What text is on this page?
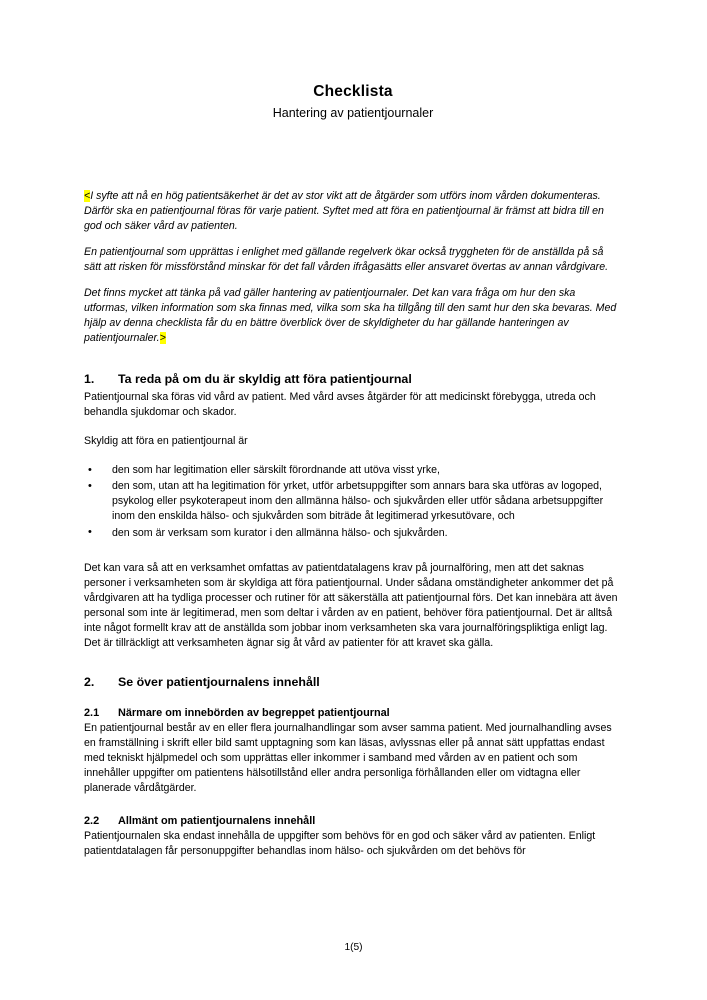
Checklista
Hantering av patientjournaler

<I syfte att nå en hög patientsäkerhet är det av stor vikt att de åtgärder som utförs inom vården dokumenteras. Därför ska en patientjournal föras för varje patient. Syftet med att föra en patientjournal är främst att bidra till en god och säker vård av patienten.

En patientjournal som upprättas i enlighet med gällande regelverk ökar också tryggheten för de anställda på så sätt att risken för missförstånd minskar för det fall vården ifrågasätts eller ansvaret övertas av annan vårdgivare.

Det finns mycket att tänka på vad gäller hantering av patientjournaler. Det kan vara fråga om hur den ska utformas, vilken information som ska finnas med, vilka som ska ha tillgång till den samt hur den ska bevaras. Med hjälp av denna checklista får du en bättre överblick över de skyldigheter du har gällande hanteringen av patientjournaler.>

1.	Ta reda på om du är skyldig att föra patientjournal

Patientjournal ska föras vid vård av patient. Med vård avses åtgärder för att medicinskt förebygga, utreda och behandla sjukdomar och skador.

Skyldig att föra en patientjournal är

• den som har legitimation eller särskilt förordnande att utöva visst yrke,
• den som, utan att ha legitimation för yrket, utför arbetsuppgifter som annars bara ska utföras av logoped, psykolog eller psykoterapeut inom den allmänna hälso- och sjukvården eller utför sådana arbetsuppgifter inom den enskilda hälso- och sjukvården som biträde åt legitimerad yrkesutövare, och
• den som är verksam som kurator i den allmänna hälso- och sjukvården.

Det kan vara så att en verksamhet omfattas av patientdatalagens krav på journalföring, men att det saknas personer i verksamheten som är skyldiga att föra patientjournal. Under sådana omständigheter ankommer det på vårdgivaren att ha tydliga processer och rutiner för att säkerställa att patientjournal förs. Det kan innebära att även personal som inte är legitimerad, men som deltar i vården av en patient, behöver föra patientjournal. Det är alltså inte något formellt krav att de anställda som jobbar inom verksamheten ska vara journalföringspliktiga enligt lag. Det är tillräckligt att verksamheten ägnar sig åt vård av patienter för att kravet ska gälla.

2.	Se över patientjournalens innehåll
2.1	Närmare om innebörden av begreppet patientjournal

En patientjournal består av en eller flera journalhandlingar som avser samma patient. Med journalhandling avses en framställning i skrift eller bild samt upptagning som kan läsas, avlyssnas eller på annat sätt uppfattas endast med tekniskt hjälpmedel och som upprättas eller inkommer i samband med vården av en patient och som innehåller uppgifter om patientens hälsotillstånd eller andra personliga förhållanden eller om vidtagna eller planerade vårdåtgärder.

2.2	Allmänt om patientjournalens innehåll

Patientjournalen ska endast innehålla de uppgifter som behövs för en god och säker vård av patienten. Enligt patientdatalagen får personuppgifter behandlas inom hälso- och sjukvården om det behövs för

1(5)
